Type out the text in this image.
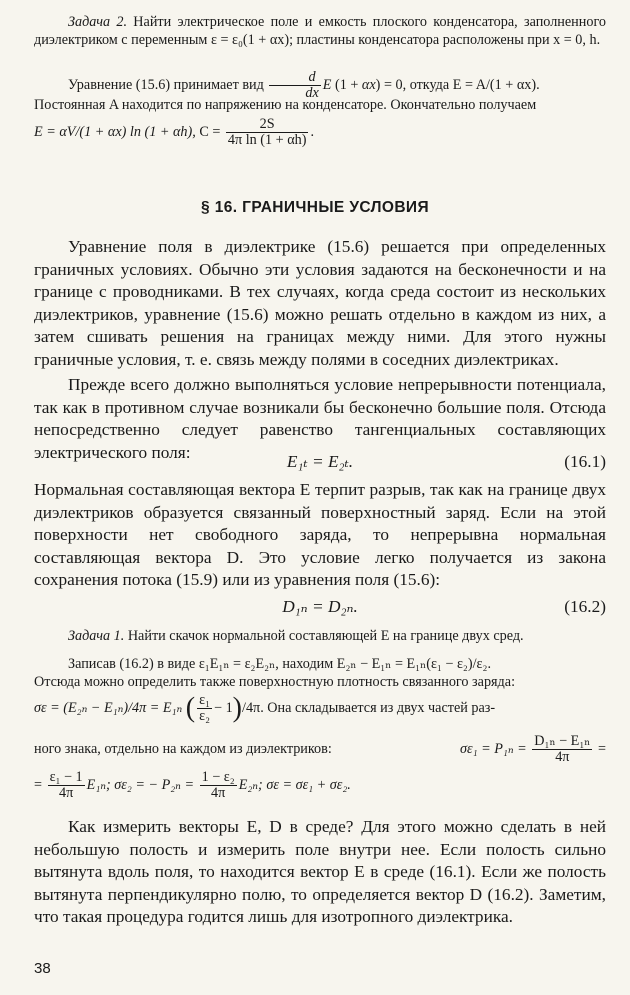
Задача 2. Найти электрическое поле и емкость плоского конденсатора, заполненного диэлектриком с переменным ε = ε₀(1 + αx); пластины конденсатора расположены при x = 0, h.
Уравнение (15.6) принимает вид $\frac{d}{dx}$ E (1 + αx) = 0, откуда E = A/(1 + αx).
Постоянная A находится по напряжению на конденсаторе. Окончательно получаем
E = αV/(1 + αx) ln (1 + αh), $C = \frac{2S}{\text{4π ln (1 + αh)}}$ .
§ 16. ГРАНИЧНЫЕ УСЛОВИЯ
Уравнение поля в диэлектрике (15.6) решается при определенных граничных условиях. Обычно эти условия задаются на бесконечности и на границе с проводниками. В тех случаях, когда среда состоит из нескольких диэлектриков, уравнение (15.6) можно решать отдельно в каждом из них, а затем сшивать решения на границах между ними. Для этого нужны граничные условия, т. е. связь между полями в соседних диэлектриках.
Прежде всего должно выполняться условие непрерывности потенциала, так как в противном случае возникали бы бесконечно большие поля. Отсюда непосредственно следует равенство тангенциальных составляющих электрического поля:	E₁ₜ = E₂ₜ.	(16.1)
Нормальная составляющая вектора E терпит разрыв, так как на границе двух диэлектриков образуется связанный поверхностный заряд. Если на этой поверхности нет свободного заряда, то непрерывна нормальная составляющая вектора D. Это условие легко получается из закона сохранения потока (15.9) или из уравнения поля (15.6):
D₁ₙ = D₂ₙ.	(16.2)
Задача 1. Найти скачок нормальной составляющей E на границе двух сред.
Записав (16.2) в виде ε₁E₁ₙ = ε₂E₂ₙ, находим E₂ₙ − E₁ₙ = E₁ₙ(ε₁ − ε₂)/ε₂.
Отсюда можно определить также поверхностную плотность связанного заряда:
σε = (E₂ₙ − E₁ₙ)/4π = E₁ₙ ( $\frac{\text{ε₁}}{\text{ε₂}} - 1)/4\pi$. Она складывается из двух частей раз-
ного знака, отдельно на каждом из диэлектриков:	$\sigma\varepsilon_1 = P_{1n} = \frac{\text{D₁ₙ − E₁ₙ}}{4\pi}$ =
= $\frac{\text{ε₁ − 1}}{4\pi} E_{1n}$; σε₂ = − $P_{2n} = \frac{\text{1 − ε₂}}{4\pi} E_{2n}$; σε = σε₁ + σε₂.
Как измерить векторы E, D в среде? Для этого можно сделать в ней небольшую полость и измерить поле внутри нее. Если полость сильно вытянута вдоль поля, то находится вектор E в среде (16.1). Если же полость вытянута перпендикулярно полю, то определяется вектор D (16.2). Заметим, что такая процедура годится лишь для изотропного диэлектрика.
38
